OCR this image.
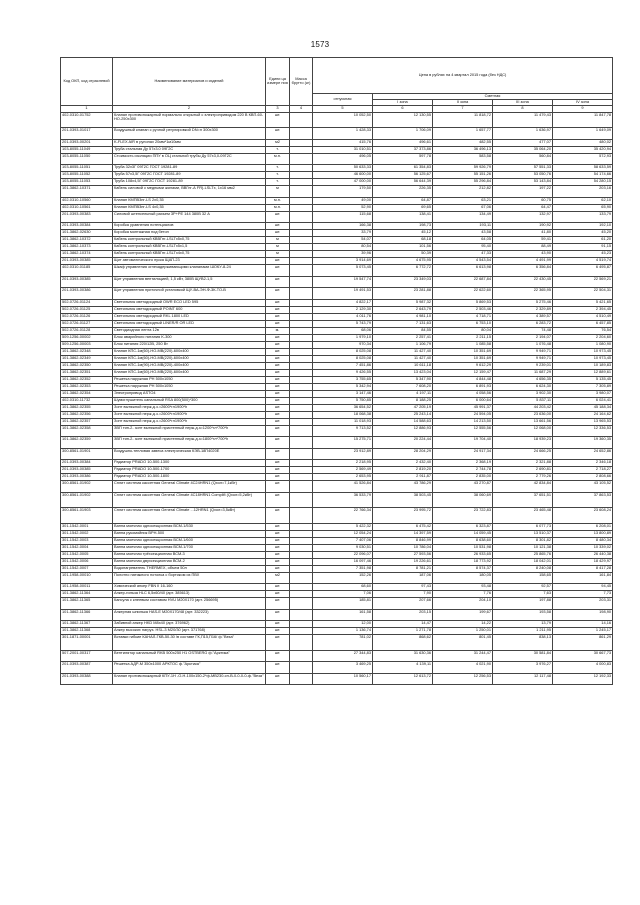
1573
Код ОКП, код отраслевой	Наименование материалов и изделий	Едини ца измере ния	Масса брутто (кг)	Цена в рублях на 4 квартал 2015 года (без НДС)				
				отпускная	Сметная			
					I зона	II зона	III зона	IV зона
1	2	3	4	5	6	7	8	9
402-0310-01752	Клапан противопожарный нормально открытый с электроприводом 220 В КВП-60-НО-250х300	шт.		10 052,50	12 130,55	11 818,72	11 479,43	11 847,78
201-0393-01017	Воздушный клапан с ручной регулировкой DN=н 300х300	шт.		1 428,33	1 706,09	1 657,77	1 636,97	1 649,09
201-0393-00201	K-FLEX AIR в рулонах 20мм*1м10мм	м2		415,76	496,61	482,55	477,07	480,02
103-8055-11049	Труба стальная Ду 57х3.0 09Г2С	т.		31 010,51	37 373,86	36 496,13	35 064,20	35 420,94
103-8055-11050	Стоимость изоляции ППУ в ОЦ стальной трубы Ду 57х3,0-09Г2С	м.п.		496,05	597,78	583,58	560,84	572,93
103-8055-11051	Труба 32х3Г 09Г2С ГОСТ 19281-89	т.		50 633,33	61 354,83	59 926,79	57 551,33	58 633,59
103-8055-11052	Труба 57х3,5Г 09Г2С ГОСТ 19281-89	т.		46 600,00	56 125,67	55 151,26	53 050,76	54 174,66
103-8055-11053	Труба 108х4,5Г 09Г2С ГОСТ 19281-89	т.		47 000,00	56 644,39	55 296,84	53 143,84	54 280,15
101-3862-10371	Кабель силовой с медными жилами, ВВГнг-А FR)-LSLTx, 1х16 мм2	м		179,50	226,35	212,82	197,22	203,16
402-0310-10560	Клапан КМПВ3нг-LS 2х0,35	м.п.		49,00	64,87	63,21	60,75	62,10
402-0310-10561	Клапан КМПВ3нг-LS 4х0,35	м.п.		52,90	69,65	67,06	64,47	65,90
201-0393-00383	Силовой штепсельный разъем 3Р+РЕ 144 380В 32 А	шт.		115,68	138,41	134,49	132,97	133,79
201-0393-00384	Коробка уравнения потенциалов	шт.		166,38	198,73	193,11	190,92	192,10
101-3862-02630	Коробка монтажная под бетон	шт.		33,79	45,12	43,58	41,80	45,20
101-3862-10372	Кабель контрольный КВВГнг-LSLTx5х0,75	м		54,07	68,18	64,05	59,41	61,20
101-3862-10373	Кабель контрольный КВВГнг-LSLTx5х1,5	м		80,54	101,56	95,40	88,49	91,15
101-3862-10374	Кабель контрольный КВВГнг-LSLTx4х0,75	м		39,96	50,39	47,33	43,90	45,23
201-0393-00385	Щит автоматического пуска ЩАП-23	шт.		3 914,69	4 675,95	4 543,54	4 491,99	4 519,74
402-0310-01185	Шкаф управления огнезадерживающими клапанами ШОКУ-8-24	шт.		5 073,45	6 772,72	6 613,98	6 356,84	6 495,87
201-0393-00385	Щит управления вентиляцией, 1,5 кВт, 380В ЩУВ2-1,5	шт.		19 547,74	23 349,03	22 687,84	22 430,45	22 569,21
201-0393-00386	Щит управления приточной установкой ЩУ-ВА-ЭН-Ф-3К-ТО-В	шт.		19 491,53	23 281,88	22 622,60	22 365,95	22 504,31
502-0726-01124	Светильник светодиодный OWR ECO LED 595	шт.		4 822,17	5 987,32	5 869,53	5 275,46	5 421,65
502-0726-01125	Светильник светодиодный POINT 600	шт.		2 129,30	2 643,79	2 503,46	2 329,89	2 394,45
502-0726-01126	Светильник светодиодный RKL 1800 LED	шт.		4 011,76	4 981,10	4 718,71	4 389,57	4 510,49
502-0726-01127	Светильник светодиодный LINER/R OR LED	шт.		5 743,79	7 131,63	6 753,10	6 283,72	6 457,85
502-0726-01128	Светодиодная лента 12в	м.		68,06	84,55	80,04	74,48	76,54
509-1256-00002	Блок аварийного питания K-300	шт.		1 979,10	2 257,41	2 211,15	2 194,07	2 204,60
509-1256-00003	Блок питания 220/12В, 250 Вт	шт.		970,34	1 106,79	1 085,58	1 076,48	1 080,90
101-3862-02348	Клапан КПС-1м(60)-НО-МВ(220)-600х400	шт.		8 025,08	11 427,40	10 351,69	9 949,71	10 973,45
101-3862-02349	Клапан КПС-1м(60)-НО-МВ(220)-600х400	шт.		8 025,08	11 427,40	10 351,69	9 949,71	10 973,45
101-3862-02350	Клапан КПС-1м(90)-НО-МВ(220)-400х400	шт.		7 451,86	10 611,18	9 612,29	9 239,01	10 189,83
101-3862-02351	Клапан КПС-1м(60)-НО-МВ(220)-600х400	шт.		9 426,55	13 423,04	12 159,47	11 687,29	12 889,61
101-3862-02352	Решетка наружная РН 500х1050	шт.		3 755,65	5 347,90	4 844,48	4 656,35	5 135,45
101-3862-02353	Решетка наружная РН 500х1050	шт.		5 342,94	7 608,20	6 891,93	6 624,30	7 305,89
101-3862-02354	Электропривод ASTO4	шт.		3 147,46	4 197,11	4 058,56	3 902,30	3 980,07
402-0310-11732	Шумоглушитель канальный RSA 800(500)*300	шт.		5 750,85	8 188,25	6 000,64	5 837,11	6 024,41
101-3862-02355	Зонт вытяжной нерж.д.з.=2600*гл1900*h	шт.		36 654,52	47 205,19	45 991,37	44 203,42	45 188,34
101-3862-02356	Зонт вытяжной нерж.д.з.=2600*гл1900*h	шт.		18 068,38	25 243,14	24 594,05	23 636,00	24 164,62
101-3862-02357	Зонт вытяжной нерж.д.з.=2600*гл1900*h	шт.		11 018,93	14 588,63	14 213,50	13 661,56	13 965,53
101-3862-02358	ЗВП тип-2- зонт вытяжной пристенный нерж.д.з=1200*гл*700*h	шт.		9 713,52	12 886,93	12 555,56	12 068,00	12 336,53
101-3862-02359	ЗВП тип-2- зонт вытяжной пристенный нерж.д.з=1800*гл*700*h	шт.		15 275,71	20 224,44	19 704,40	18 939,23	19 360,35
300-8561-01901	Воздушно-тепловая завеса электрическая КЭВ-18П4020Е	шт.		23 912,89	28 204,29	24 917,34	24 666,25	24 652,86
201-0393-00384	Радиатор PRADO 10-500-1300	шт.		2 218,95	2 432,40	2 368,19	2 321,88	2 346,18
201-0393-00385	Радиатор PRADO 10-500-1700	шт.		2 569,49	2 819,20	2 744,78	2 690,81	2 718,27
201-0393-00386	Радиатор PRADO 10-500-1800	шт.		2 653,95	2 911,87	2 835,00	2 779,26	2 808,66
300-8561-01902	Сплит система кассетная General Climate 4C24HRN1 (Qхол=7,1кВт)	шт.		41 526,84	43 786,29	43 270,87	42 834,84	43 105,52
300-8561-01902	Сплит система кассетная General Climate 4C18HRN1 Complifi (Qхол=5,2кВт)	шт.		36 533,79	38 503,45	38 060,69	37 651,51	37 863,53
300-8561-01903	Сплит система кассетная General Climate ...12HRN1 (Qхол=3,5кВт)	шт.		22 766,34	23 995,72	23 722,83	23 465,48	23 608,24
301-1542-0001	Ванна моечная односекционная ВСМ-1/530	шт.		5 422,32	6 475,42	6 323,87	6 077,73	6 208,01
301-1542-0002	Ванна рукомойник ВРН-500	шт.		12 054,24	14 397,59	14 059,45	13 510,37	13 800,89
301-1542-0003	Ванна моечная односекционная ВСМ-1/600	шт.		7 407,06	8 846,99	8 638,60	8 301,82	8 480,34
301-1542-0004	Ванна моечная односекционная ВСМ-1/700	шт.		9 030,51	10 786,04	10 531,98	10 121,38	10 339,02
301-1542-0005	Ванна моечная трёхсекционная ВСМ-3	шт.		22 096,07	27 593,56	26 933,65	25 865,76	26 440,38
301-1542-0006	Ванна моечная двухсекционная ВСМ-2	шт.		16 097,46	19 226,61	18 773,92	18 042,01	18 429,97
301-1542-0007	Водонагреватель THERMEX, объем 50л	шт.		7 351,98	8 781,21	8 574,37	8 240,08	8 417,28
101-1958-00010	Полотно натяжного потолка с бортиком из ПВХ	м2		152,26	187,06	180,05	158,65	161,84
101-1958-00011	Химический анкер FBN II 16-160	шт.		68,60	97,43	93,48	92,57	94,45
101-3862-11364	Анкер-гильза HLC 6,5х60/40 (арт. 385613)	шт.		7,06	7,90	7,76	7,63	7,73
101-3862-11365	Капсула с клеевым составом HVU M20X170 (арт. 256695)	шт.		185,81	207,66	204,10	197,88	203,31
101-3862-11366	Анкерная шпилька HAS-E M20X170/48 (арт. 332223)	шт.		161,58	203,15	199,67	193,58	198,90
101-3862-11367	Забивной анкер HKD M8х40 (арт. 376962)	шт.		12,00	14,47	14,22	13,79	14,16
101-3862-11368	Анкер высоких нагруз. HSL-3 M20/30 (арт. 371768)	шт.		1 136,74	1 271,78	1 250,01	1 211,95	1 245,17
301-1871-00001	Вставки гибкие КАНАЛ-ГКВ-50-30 /в составе ГК,П15,П16/ ф."Веза"	шт.		781,02	868,62	801,45	838,13	861,29
507-2001-00317	Вентилятор канальный RKB 500х250 H1 OSTBERG ф."Арктика"	шт.		27 344,83	31 630,36	31 244,47	30 581,84	30 667,73
201-0393-00387	Решетка АДР-М 350х1000 АРКТОС ф."Арктика"	шт.		3 469,25	4 139,11	4 021,90	3 976,27	4 000,83
201-0393-00388	Клапан противопожарный КПУ-1Н -О-Н-100х150-2*ф-МВ230-сн-В-0-0-0-0-ф."Веза"	шт.		10 560,17	12 613,72	12 256,53	12 117,48	12 192,33
